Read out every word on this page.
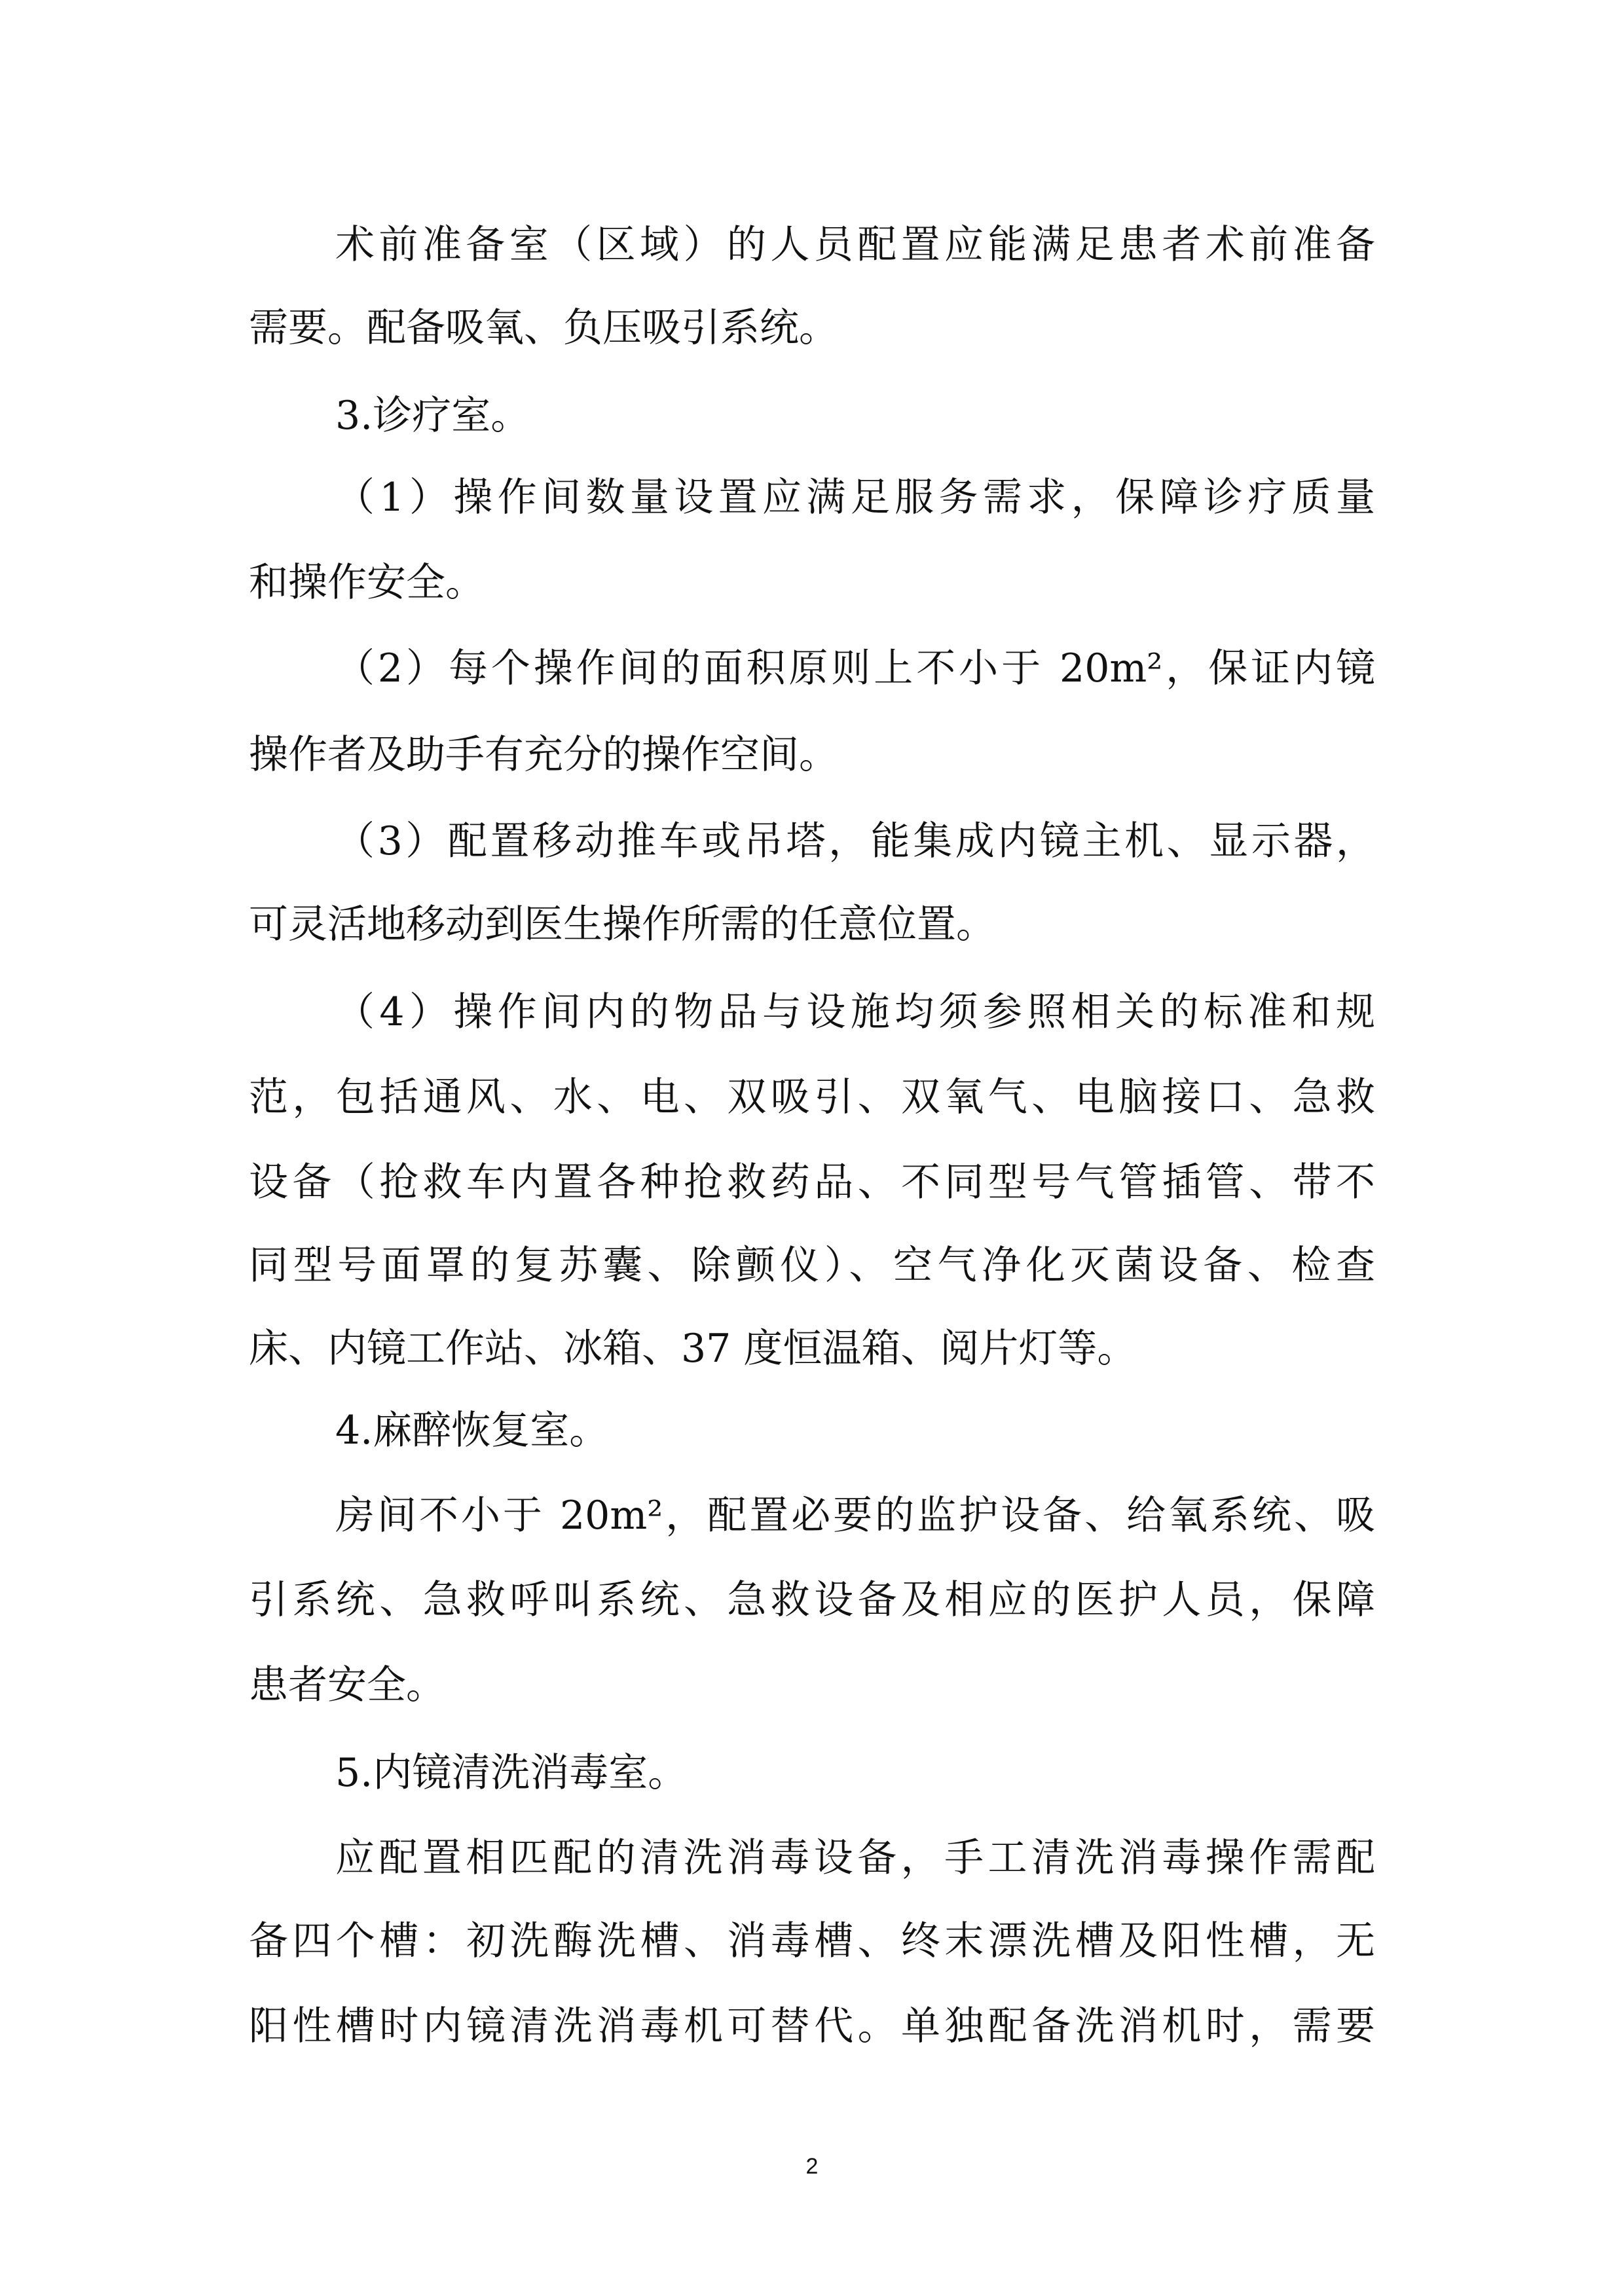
术前准备室（区域）的人员配置应能满足患者术前准备
需要。配备吸氧、负压吸引系统。
3.诊疗室。
（1）操作间数量设置应满足服务需求，保障诊疗质量
和操作安全。
（2）每个操作间的面积原则上不小于 20m²，保证内镜
操作者及助手有充分的操作空间。
（3）配置移动推车或吊塔，能集成内镜主机、显示器，
可灵活地移动到医生操作所需的任意位置。
（4）操作间内的物品与设施均须参照相关的标准和规
范，包括通风、水、电、双吸引、双氧气、电脑接口、急救
设备（抢救车内置各种抢救药品、不同型号气管插管、带不
同型号面罩的复苏囊、除颤仪）、空气净化灭菌设备、检查
床、内镜工作站、冰箱、37 度恒温箱、阅片灯等。
4.麻醉恢复室。
房间不小于 20m²，配置必要的监护设备、给氧系统、吸
引系统、急救呼叫系统、急救设备及相应的医护人员，保障
患者安全。
5.内镜清洗消毒室。
应配置相匹配的清洗消毒设备，手工清洗消毒操作需配
备四个槽：初洗酶洗槽、消毒槽、终末漂洗槽及阳性槽，无
阳性槽时内镜清洗消毒机可替代。单独配备洗消机时，需要
2
